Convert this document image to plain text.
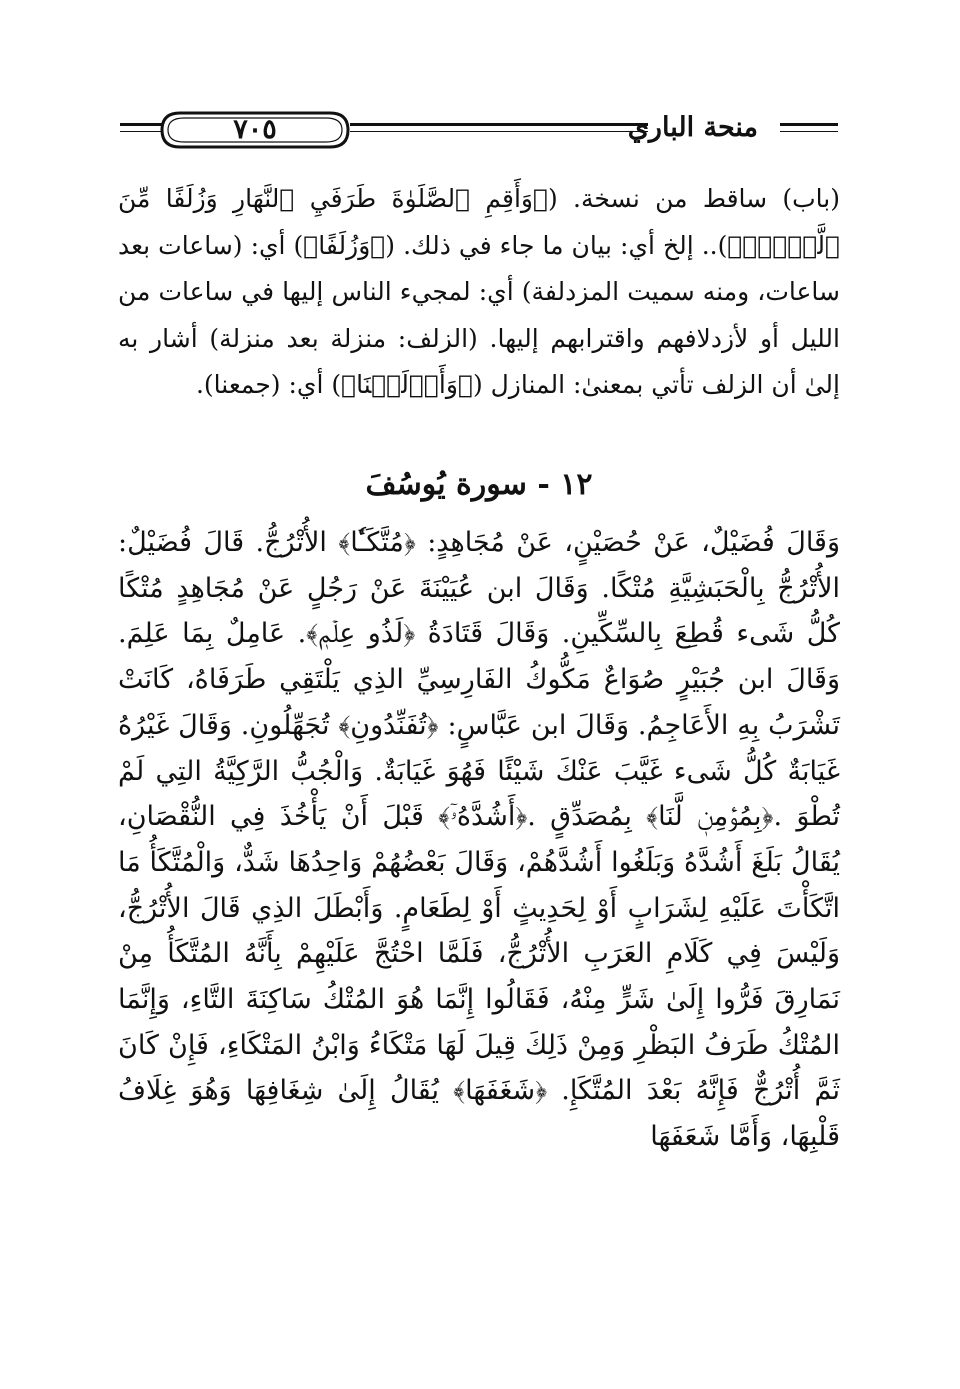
٧٠٥	منحة الباري

(باب) ساقط من نسخة. (﴿وَأَقِمِ ٱلصَّلَوٰةَ طَرَفَيِ ٱلنَّهَارِ وَزُلَفًا مِّنَ ٱلَّيۡلِۚ﴾).. إلخ أي: بيان ما جاء في ذلك. (﴿وَزُلَفًا﴾) أي: (ساعات بعد ساعات، ومنه سميت المزدلفة) أي: لمجيء الناس إليها في ساعات من الليل أو لأزدلافهم واقترابهم إليها. (الزلف: منزلة بعد منزلة) أشار به إلىٰ أن الزلف تأتي بمعنىٰ: المنازل (﴿وَأَزۡلَفۡنَا﴾) أي: (جمعنا).

١٢ - سورة يُوسُفَ

وَقَالَ فُضَيْلٌ، عَنْ حُصَيْنٍ، عَنْ مُجَاهِدٍ: ﴿مُتَّكَـٔٗا﴾ الأُتْرُجُّ. قَالَ فُضَيْلٌ: الأُتْرُجُّ بِالْحَبَشِيَّةِ مُتْكًا. وَقَالَ ابن عُيَيْنَةَ عَنْ رَجُلٍ عَنْ مُجَاهِدٍ مُتْكًا كُلُّ شَىء قُطِعَ بِالسِّكِّينِ. وَقَالَ قَتَادَةُ ﴿لَذُو عِلۡمٖ﴾. عَامِلٌ بِمَا عَلِمَ. وَقَالَ ابن جُبَيْرٍ صُوَاعٌ مَكُّوكُ الفَارِسِيِّ الذِي يَلْتَقِي طَرَفَاهُ، كَانَتْ تَشْرَبُ بِهِ الأَعَاجِمُ. وَقَالَ ابن عَبَّاسٍ: ﴿تُفَنِّدُونِ﴾ تُجَهِّلُونِ. وَقَالَ غَيْرُهُ غَيَابَةٌ كُلُّ شَىء غَيَّبَ عَنْكَ شَيْئًا فَهُوَ غَيَابَةٌ. وَالْجُبُّ الرَّكِيَّةُ التِي لَمْ تُطْوَ .﴿بِمُؤۡمِنٖ لَّنَا﴾ بِمُصَدِّقٍ .﴿أَشُدَّهُۥٓ﴾ قَبْلَ أَنْ يَأْخُذَ فِي النُّقْصَانِ، يُقَالُ بَلَغَ أَشُدَّهُ وَبَلَغُوا أَشُدَّهُمْ، وَقَالَ بَعْضُهُمْ وَاحِدُهَا شَدٌّ، وَالْمُتَّكَأُ مَا اتَّكَأْتَ عَلَيْهِ لِشَرَابٍ أَوْ لِحَدِيثٍ أَوْ لِطَعَامٍ. وَأَبْطَلَ الذِي قَالَ الأُتْرُجُّ، وَلَيْسَ فِي كَلَامِ العَرَبِ الأُتْرُجُّ، فَلَمَّا احْتُجَّ عَلَيْهِمْ بِأَنَّهُ المُتَّكَأُ مِنْ نَمَارِقَ فَرُّوا إِلَىٰ شَرٍّ مِنْهُ، فَقَالُوا إِنَّمَا هُوَ المُتْكُ سَاكِنَةَ التَّاءِ، وَإِنَّمَا المُتْكُ طَرَفُ البَظْرِ وَمِنْ ذَلِكَ قِيلَ لَهَا مَتْكَاءُ وَابْنُ المَتْكَاءِ، فَإِنْ كَانَ ثَمَّ أُتْرُجٌّ فَإِنَّهُ بَعْدَ المُتَّكَإِ. ﴿شَغَفَهَا﴾ يُقَالُ إِلَىٰ شِغَافِهَا وَهُوَ غِلَافُ قَلْبِهَا، وَأَمَّا شَعَفَهَا
